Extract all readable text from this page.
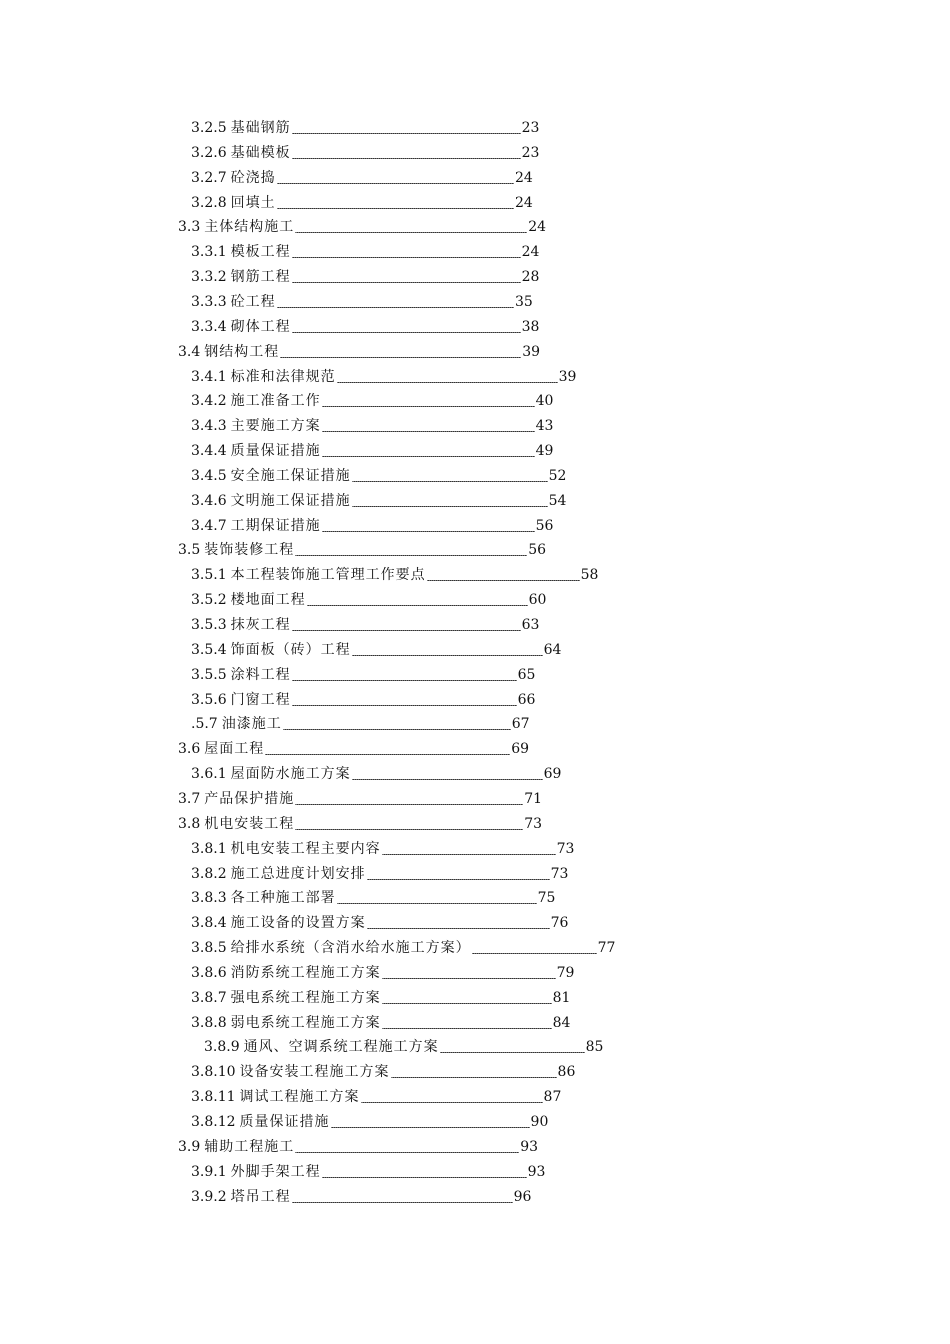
3.2.5 基础钢筋	23
3.2.6 基础模板	23
3.2.7 砼浇捣	24
3.2.8 回填土	24
3.3 主体结构施工	24
3.3.1 模板工程	24
3.3.2 钢筋工程	28
3.3.3 砼工程	35
3.3.4 砌体工程	38
3.4 钢结构工程	39
3.4.1 标准和法律规范	39
3.4.2 施工准备工作	40
3.4.3 主要施工方案	43
3.4.4 质量保证措施	49
3.4.5 安全施工保证措施	52
3.4.6 文明施工保证措施	54
3.4.7 工期保证措施	56
3.5 装饰装修工程	56
3.5.1 本工程装饰施工管理工作要点	58
3.5.2 楼地面工程	60
3.5.3 抹灰工程	63
3.5.4 饰面板（砖）工程	64
3.5.5 涂料工程	65
3.5.6 门窗工程	66
.5.7 油漆施工	67
3.6 屋面工程	69
3.6.1 屋面防水施工方案	69
3.7 产品保护措施	71
3.8 机电安装工程	73
3.8.1 机电安装工程主要内容	73
3.8.2 施工总进度计划安排	73
3.8.3 各工种施工部署	75
3.8.4 施工设备的设置方案	76
3.8.5 给排水系统（含消水给水施工方案）	77
3.8.6 消防系统工程施工方案	79
3.8.7 强电系统工程施工方案	81
3.8.8 弱电系统工程施工方案	84
3.8.9 通风、空调系统工程施工方案	85
3.8.10 设备安装工程施工方案	86
3.8.11 调试工程施工方案	87
3.8.12 质量保证措施	90
3.9 辅助工程施工	93
3.9.1 外脚手架工程	93
3.9.2 塔吊工程	96
